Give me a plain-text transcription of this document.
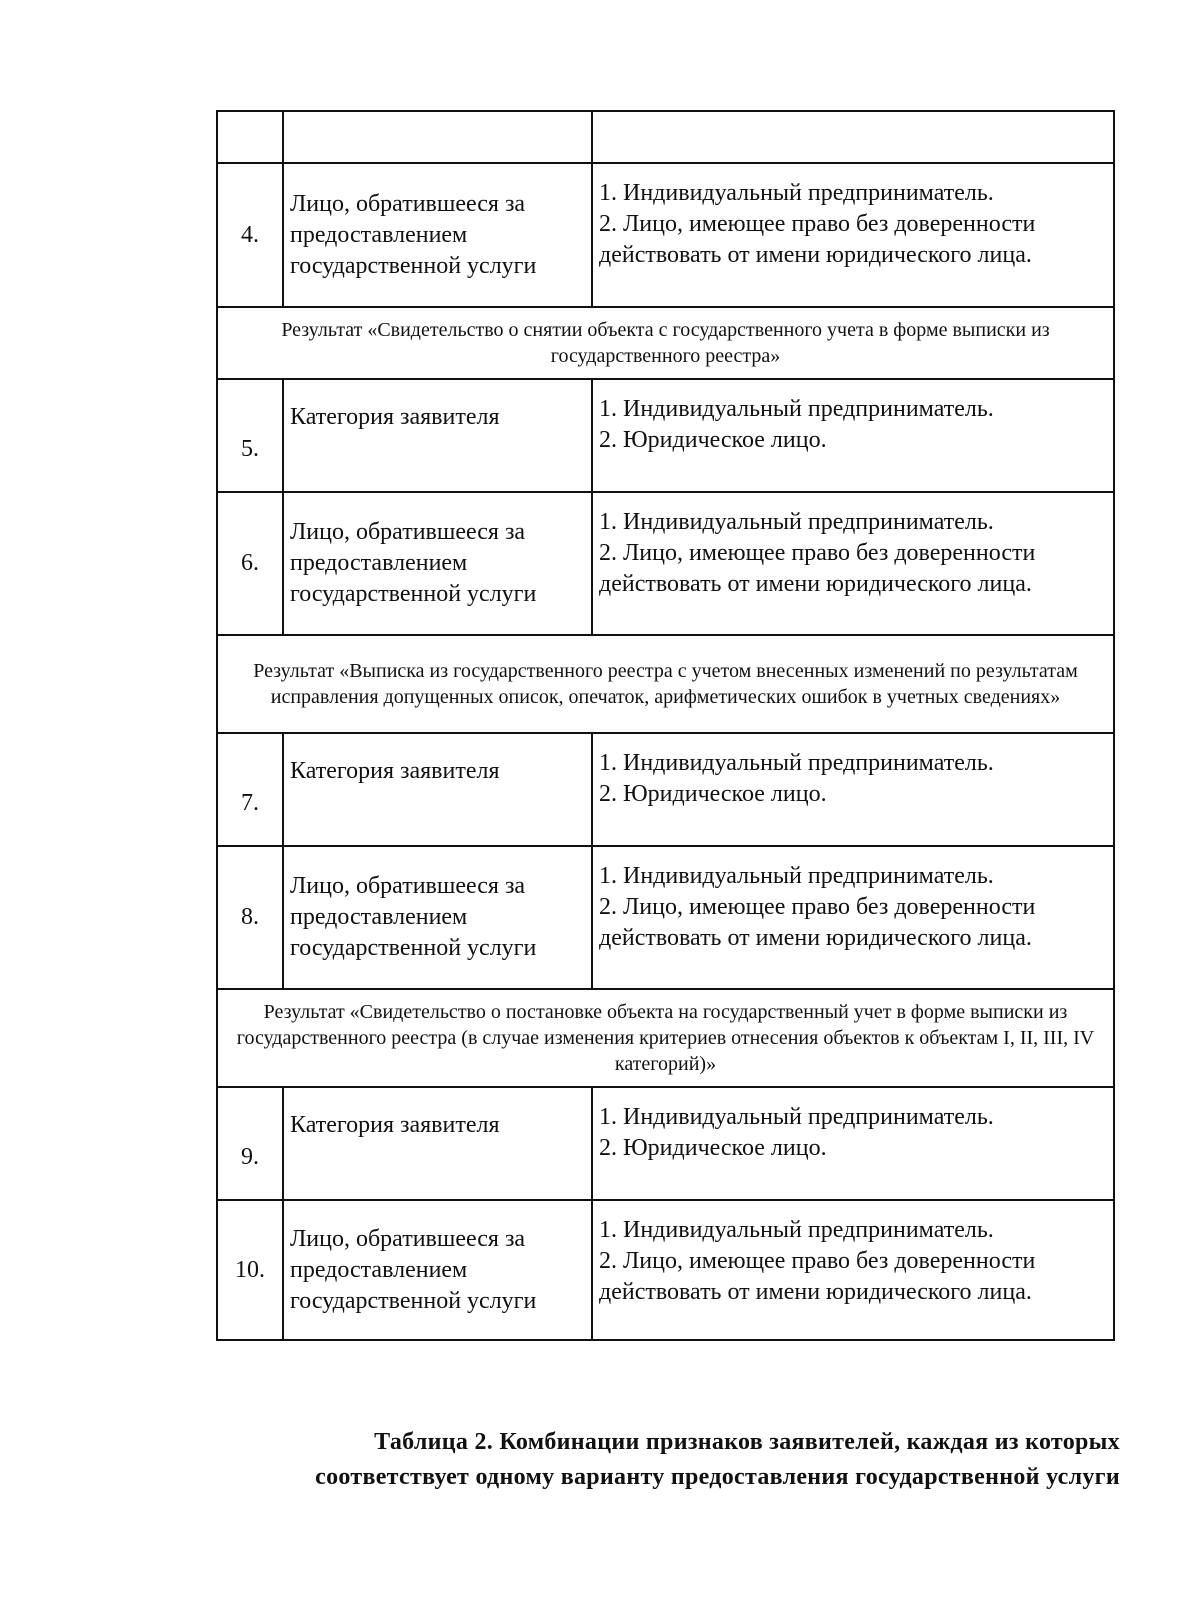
4.	Лицо, обратившееся за предоставлением государственной услуги	1. Индивидуальный предприниматель.
2. Лицо, имеющее право без доверенности действовать от имени юридического лица.

Результат «Свидетельство о снятии объекта с государственного учета в форме выписки из государственного реестра»		
5.	Категория заявителя	1. Индивидуальный предприниматель.
2. Юридическое лицо.

6.	Лицо, обратившееся за предоставлением государственной услуги	1. Индивидуальный предприниматель.
2. Лицо, имеющее право без доверенности действовать от имени юридического лица.

Результат «Выписка из государственного реестра с учетом внесенных изменений по результатам исправления допущенных описок, опечаток, арифметических ошибок в учетных сведениях»		
7.	Категория заявителя	1. Индивидуальный предприниматель.
2. Юридическое лицо.

8.	Лицо, обратившееся за предоставлением государственной услуги	1. Индивидуальный предприниматель.
2. Лицо, имеющее право без доверенности действовать от имени юридического лица.

Результат «Свидетельство о постановке объекта на государственный учет в форме выписки из государственного реестра (в случае изменения критериев отнесения объектов к объектам I, II, III, IV категорий)»		
9.	Категория заявителя	1. Индивидуальный предприниматель.
2. Юридическое лицо.

10.	Лицо, обратившееся за предоставлением государственной услуги	1. Индивидуальный предприниматель.
2. Лицо, имеющее право без доверенности действовать от имени юридического лица.
Таблица 2. Комбинации признаков заявителей, каждая из которых
соответствует одному варианту предоставления государственной услуги
